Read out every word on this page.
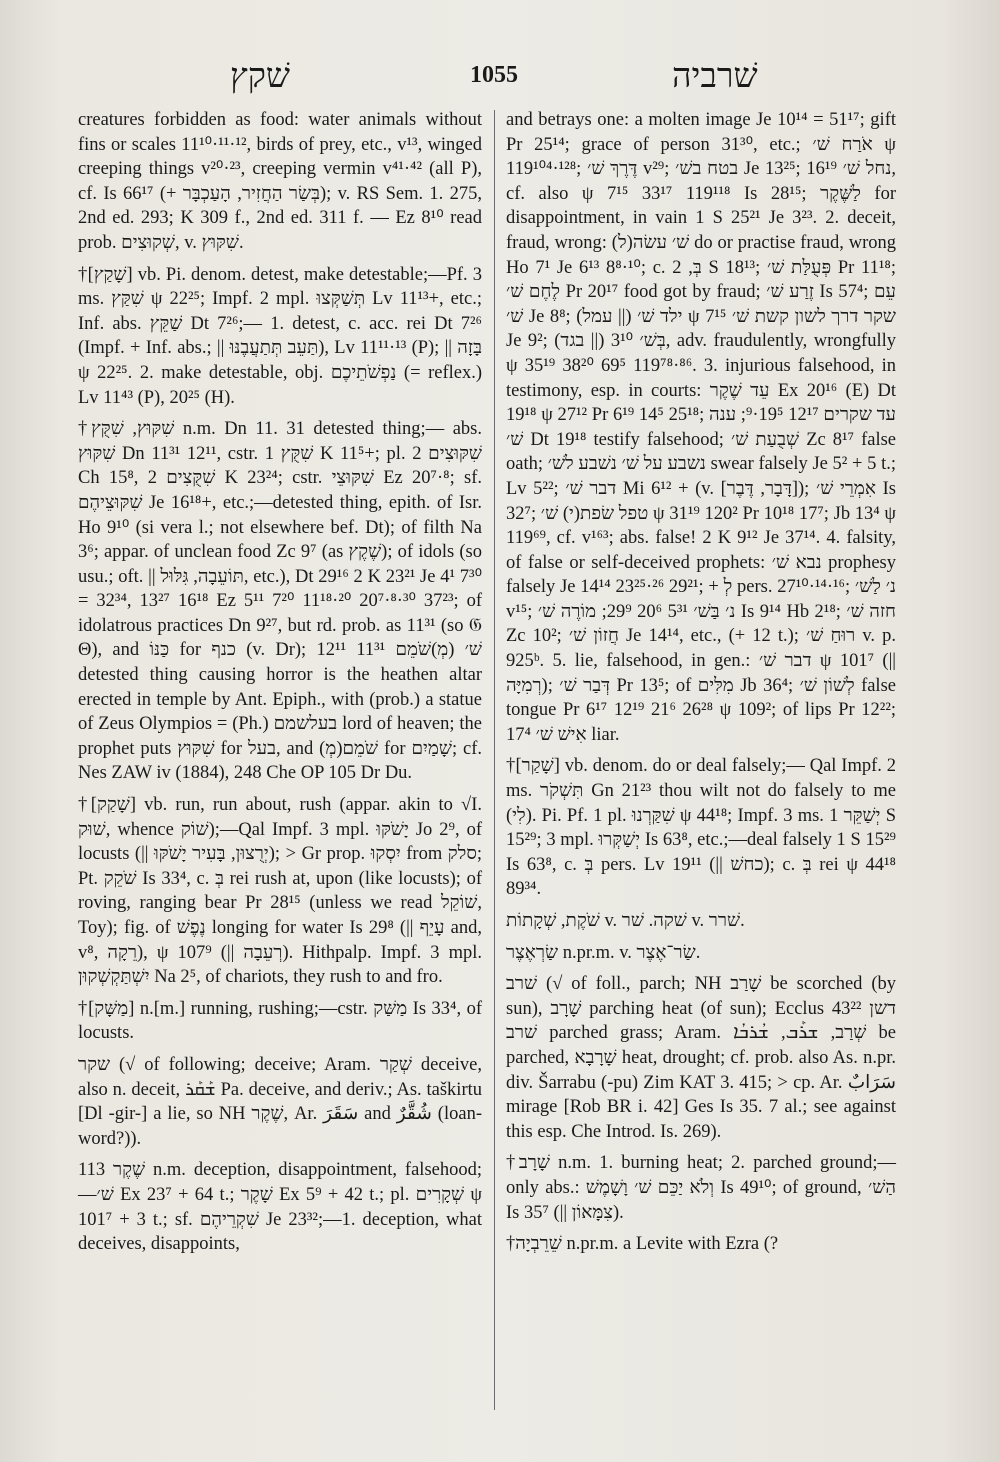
שׁקץ	1055	שׁרביה

creatures forbidden as food: water animals without fins or scales 11¹⁰·¹¹·¹², birds of prey, etc., v¹³, winged creeping things v²⁰·²³, creeping vermin v⁴¹·⁴² (all P), cf. Is 66¹⁷ (+ בְּשַׂר הַחֲזִיר, הָעַכְבָּר); v. RS Sem. 1. 275, 2nd ed. 293; K 309 f., 2nd ed. 311 f. — Ez 8¹⁰ read prob. שְׁקוּצִים, v. שִׁקּוּץ.

†[שָׁקַץ] vb. Pi. denom. detest, make detestable;—Pf. 3 ms. שִׁקַּץ ψ 22²⁵; Impf. 2 mpl. תְּשַׁקְּצוּ Lv 11¹³+, etc.; Inf. abs. שַׁקֵּץ Dt 7²⁶;— 1. detest, c. acc. rei Dt 7²⁶ (Impf. + Inf. abs.; || תַּעֵב תְּתַעֲבֶנּוּ), Lv 11¹¹·¹³ (P); || בָּזָה ψ 22²⁵. 2. make detestable, obj. נַפְשֹׁתֵיכֶם (= reflex.) Lv 11⁴³ (P), 20²⁵ (H).

†שִׁקּוּץ, שִׁקֻּץ n.m. Dn 11. 31 detested thing;— abs. שִׁקּוּץ Dn 11³¹ 12¹¹, cstr. שִׁקֻּץ 1 K 11⁵+; pl. שִׁקּוּצִים 2 Ch 15⁸, שִׁקֻּצִים 2 K 23²⁴; cstr. שִׁקּוּצֵי Ez 20⁷·⁸; sf. שִׁקּוּצֵיהֶם Je 16¹⁸+, etc.;—detested thing, epith. of Isr. Ho 9¹⁰ (si vera l.; not elsewhere bef. Dt); of filth Na 3⁶; appar. of unclean food Zc 9⁷ (as שֶׁקֶץ); of idols (so usu.; oft. || תּוֹעֵבָה, גִּלּוּל, etc.), Dt 29¹⁶ 2 K 23²¹ Je 4¹ 7³⁰ = 32³⁴, 13²⁷ 16¹⁸ Ez 5¹¹ 7²⁰ 11¹⁸·²⁰ 20⁷·⁸·³⁰ 37²³; of idolatrous practices Dn 9²⁷, but rd. prob. as 11³¹ (so 𝔊 Θ), and כַּנּוֹ for כנף (v. Dr); שׁ׳ (מְ)שֹׁמֵם 11³¹ 12¹¹ detested thing causing horror is the heathen altar erected in temple by Ant. Epiph., with (prob.) a statue of Zeus Olympios = (Ph.) בעלשמם lord of heaven; the prophet puts שִׁקּוּץ for בעל, and (מְ)שֹׁמֵם for שָׁמַיִם; cf. Nes ZAW iv (1884), 248 Che OP 105 Dr Du.

†[שָׁקַק] vb. run, run about, rush (appar. akin to √I. שׁוּק, whence שׁוֹק);—Qal Impf. 3 mpl. יָשֹׁקּוּ Jo 2⁹, of locusts (|| יְרֻצוּן, בָּעִיר יָשֹׁקּוּ); > Gr prop. יִסְקוּ from סלק; Pt. שֹׁקֵק Is 33⁴, c. בְּ rei rush at, upon (like locusts); of roving, ranging bear Pr 28¹⁵ (unless we read שׁוֹקֵל, Toy); fig. of נֶפֶשׁ longing for water Is 29⁸ (|| עָיֵף and, v⁸, רֵקָה), ψ 107⁹ (|| רְעֵבָה). Hithpalp. Impf. 3 mpl. יִשְׁתַּקְשְׁקוּן Na 2⁵, of chariots, they rush to and fro.

†[מַשָּׁק] n.[m.] running, rushing;—cstr. מַשַּׁק Is 33⁴, of locusts.

שקר (√ of following; deceive; Aram. שְׁקַר deceive, also n. deceit, ܫܰܩܰܪ Pa. deceive, and deriv.; As. taškirtu [Dl -gir-] a lie, so NH שֶׁקֶר, Ar. سَقَرَ and شُقَّرٌ (loan-word?)).

שֶׁקֶר 113 n.m. deception, disappointment, falsehood;—שׁ׳ Ex 23⁷ + 64 t.; שָׁקֶר Ex 5⁹ + 42 t.; pl. שְׁקָרִים ψ 101⁷ + 3 t.; sf. שִׁקְרֵיהֶם Je 23³²;—1. deception, what deceives, disappoints,

and betrays one: a molten image Je 10¹⁴ = 51¹⁷; gift Pr 25¹⁴; grace of person 31³⁰, etc.; אֹרַח שׁ׳ ψ 119¹⁰⁴·¹²⁸; דֶּרֶךְ שׁ׳ v²⁹; בטח בשׁ׳ Je 13²⁵; נחל שׁ׳ 16¹⁹, cf. also ψ 7¹⁵ 33¹⁷ 119¹¹⁸ Is 28¹⁵; לַשֶּׁקֶר for disappointment, in vain 1 S 25²¹ Je 3²³. 2. deceit, fraud, wrong: (ל)שׁ׳ עשׂה do or practise fraud, wrong Ho 7¹ Je 6¹³ 8⁸·¹⁰; c. בְּ, 2 S 18¹³; פְּעֻלַּת שׁ׳ Pr 11¹⁸; לֶחֶם שׁ׳ Pr 20¹⁷ food got by fraud; זֶרַע שׁ׳ Is 57⁴; עֵם שׁ׳ Je 8⁸; (עמל ||) ילד שׁ׳ ψ 7¹⁵ שקר דרך לשון קשת שׁ׳ Je 9²; (בגד ||) בְּשׁ׳ 3¹⁰, adv. fraudulently, wrongfully ψ 35¹⁹ 38²⁰ 69⁵ 119⁷⁸·⁸⁶. 3. injurious falsehood, in testimony, esp. in courts: עֵד שֶׁקֶר Ex 20¹⁶ (E) Dt 19¹⁸ ψ 27¹² Pr 6¹⁹ 14⁵ 25¹⁸; עד שקרים 12¹⁷ 19⁵·⁹; ענה שׁ׳ Dt 19¹⁸ testify falsehood; שְׁבֻעַת שׁ׳ Zc 8¹⁷ false oath; נשבע על שׁ׳ נשׁבע לשׁ׳ swear falsely Je 5² + 5 t.; Lv 5²²; דבר שׁ׳ Mi 6¹² + (v. [דָּבָר, דֶּבֶר]); אִמְרֵי שׁ׳ Is 32⁷; טפל שׂפת(י) שׁ׳ ψ 31¹⁹ 120² Pr 10¹⁸ 17⁷; Jb 13⁴ ψ 119⁶⁹, cf. v¹⁶³; abs. false! 2 K 9¹² Je 37¹⁴. 4. falsity, of false or self-deceived prophets: נבא שׁ׳ prophesy falsely Je 14¹⁴ 23²⁵·²⁶ 29²¹; + לְ pers. 27¹⁰·¹⁴·¹⁶; נ׳ לַשׁ׳ v¹⁵; נ׳ בַּשׁ׳ 5³¹ 20⁶ 29⁹; מוֹרֶה שׁ׳ Is 9¹⁴ Hb 2¹⁸; חזה שׁ׳ Zc 10²; חֲזוֹן שׁ׳ Je 14¹⁴, etc., (+ 12 t.); רוּחַ שׁ׳ v. p. 925ᵇ. 5. lie, falsehood, in gen.: דבר שׁ׳ ψ 101⁷ (|| רְמִיָּה); דְּבַר שׁ׳ Pr 13⁵; of מִלִּים Jb 36⁴; לְשׁוֹן שׁ׳ false tongue Pr 6¹⁷ 12¹⁹ 21⁶ 26²⁸ ψ 109²; of lips Pr 12²²; אִישׁ שׁ׳ 17⁴ liar.

†[שָׁקַר] vb. denom. do or deal falsely;— Qal Impf. 2 ms. תִּשְׁקֹר Gn 21²³ thou wilt not do falsely to me (לִי). Pi. Pf. 1 pl. שִׁקַּרְנוּ ψ 44¹⁸; Impf. 3 ms. יְשַׁקֵּר 1 S 15²⁹; 3 mpl. יְשַׁקְּרוּ Is 63⁸, etc.;—deal falsely 1 S 15²⁹ Is 63⁸, c. בְּ pers. Lv 19¹¹ (|| כחשׁ); c. בְּ rei ψ 44¹⁸ 89³⁴.

שֹׁקֶת, שְׁקָתוֹת v. שׁקה. שׁר v. שׁרר.

שַׂרְאֶצֶר n.pr.m. v. שַׂר־אֶצֶר.

שׁרב (√ of foll., parch; NH שָׁרַב be scorched (by sun), שָׁרָב parching heat (of sun); Ecclus 43²² דשן שׁרב parched grass; Aram. שְׁרַב, ܫܪܰܒ, ܫܳܪܒܳܐ be parched, שָׁרָבָא heat, drought; cf. prob. also As. n.pr. div. Šarrabu (-pu) Zim KAT 3. 415; > cp. Ar. سَرَابٌ mirage [Rob BR i. 42] Ges Is 35. 7 al.; see against this esp. Che Introd. Is. 269).

†שָׁרָב n.m. 1. burning heat; 2. parched ground;—only abs.: וְלֹא יַכֵּם שׁ׳ וָשָׁמֶשׁ Is 49¹⁰; of ground, הַשׁ׳ Is 35⁷ (|| צִמָּאוֹן).

†שֵׁרֵבְיָה n.pr.m. a Levite with Ezra (?
